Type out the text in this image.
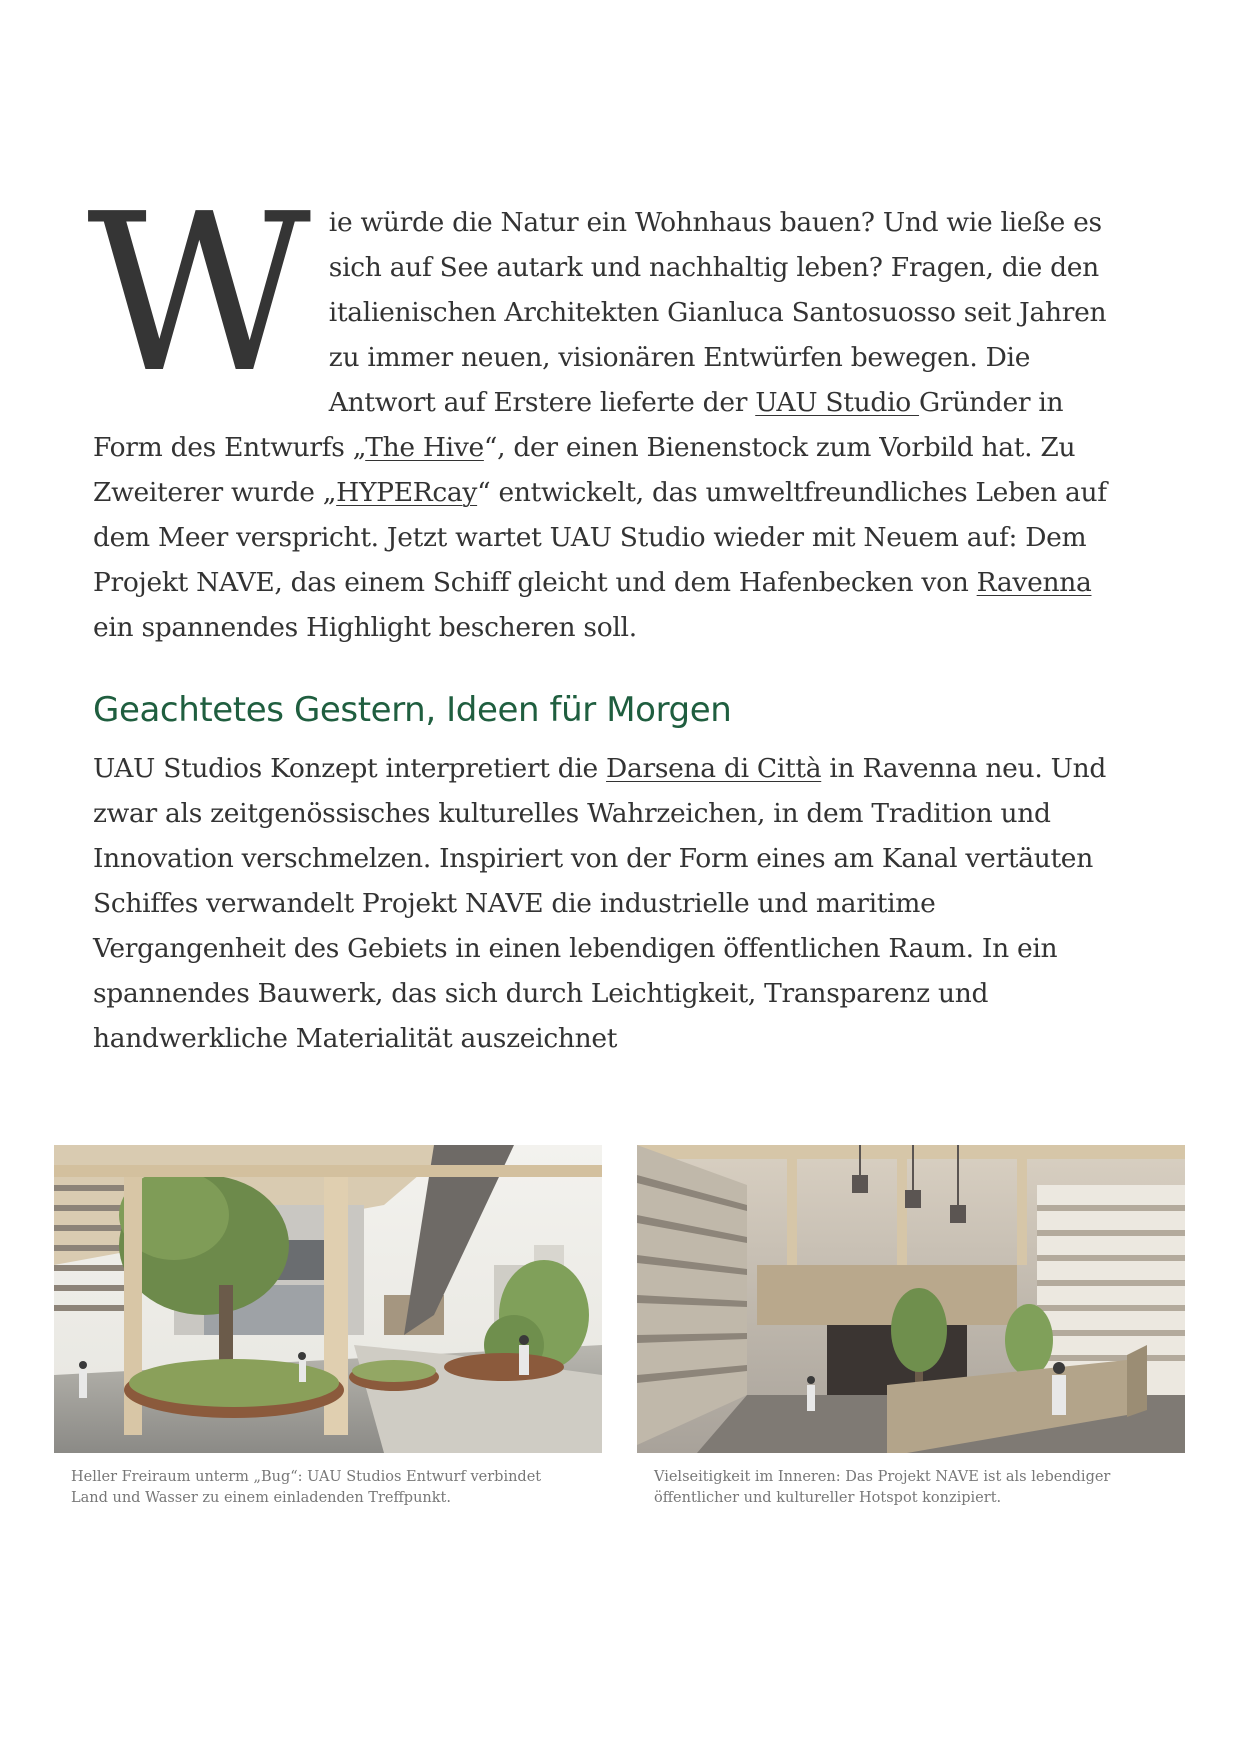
Wie würde die Natur ein Wohnhaus bauen? Und wie ließe es sich auf See autark und nachhaltig leben? Fragen, die den italienischen Architekten Gianluca Santosuosso seit Jahren zu immer neuen, visionären Entwürfen bewegen. Die Antwort auf Erstere lieferte der UAU Studio Gründer in Form des Entwurfs „The Hive“, der einen Bienenstock zum Vorbild hat. Zu Zweiterer wurde „HYPERcay“ entwickelt, das umweltfreundliches Leben auf dem Meer verspricht. Jetzt wartet UAU Studio wieder mit Neuem auf: Dem Projekt NAVE, das einem Schiff gleicht und dem Hafenbecken von Ravenna ein spannendes Highlight bescheren soll.

Geachtetes Gestern, Ideen für Morgen

UAU Studios Konzept interpretiert die Darsena di Città in Ravenna neu. Und zwar als zeitgenössisches kulturelles Wahrzeichen, in dem Tradition und Innovation verschmelzen. Inspiriert von der Form eines am Kanal vertäuten Schiffes verwandelt Projekt NAVE die industrielle und maritime Vergangenheit des Gebiets in einen lebendigen öffentlichen Raum. In ein spannendes Bauwerk, das sich durch Leichtigkeit, Transparenz und handwerkliche Materialität auszeichnet

Heller Freiraum unterm „Bug“: UAU Studios Entwurf verbindet Land und Wasser zu einem einladenden Treffpunkt.

Vielseitigkeit im Inneren: Das Projekt NAVE ist als lebendiger öffentlicher und kultureller Hotspot konzipiert.
